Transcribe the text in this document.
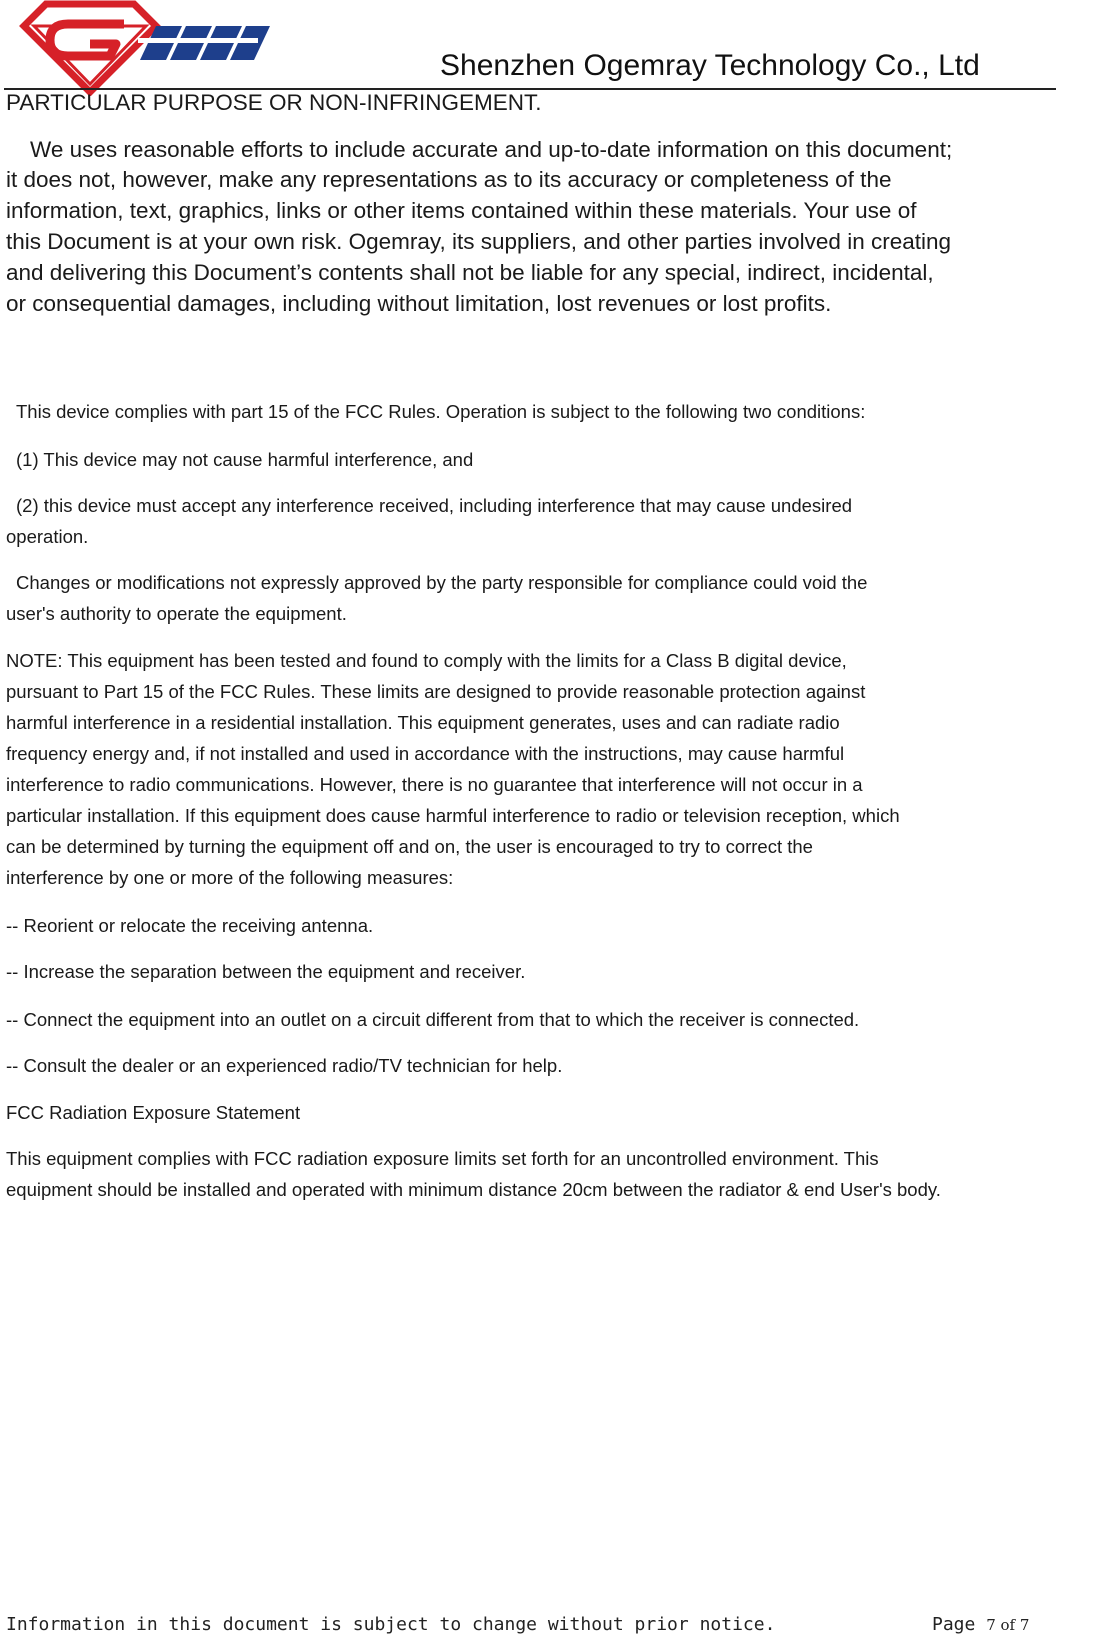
Shenzhen Ogemray Technology Co., Ltd
PARTICULAR PURPOSE OR NON-INFRINGEMENT.
We uses reasonable efforts to include accurate and up-to-date information on this document;
it does not, however, make any representations as to its accuracy or completeness of the
information, text, graphics, links or other items contained within these materials. Your use of
this Document is at your own risk. Ogemray, its suppliers, and other parties involved in creating
and delivering this Document’s contents shall not be liable for any special, indirect, incidental,
or consequential damages, including without limitation, lost revenues or lost profits.
This device complies with part 15 of the FCC Rules. Operation is subject to the following two conditions:
(1) This device may not cause harmful interference, and
(2) this device must accept any interference received, including interference that may cause undesired
operation.
Changes or modifications not expressly approved by the party responsible for compliance could void the
user's authority to operate the equipment.
NOTE: This equipment has been tested and found to comply with the limits for a Class B digital device,
pursuant to Part 15 of the FCC Rules. These limits are designed to provide reasonable protection against
harmful interference in a residential installation. This equipment generates, uses and can radiate radio
frequency energy and, if not installed and used in accordance with the instructions, may cause harmful
interference to radio communications. However, there is no guarantee that interference will not occur in a
particular installation. If this equipment does cause harmful interference to radio or television reception, which
can be determined by turning the equipment off and on, the user is encouraged to try to correct the
interference by one or more of the following measures:
-- Reorient or relocate the receiving antenna.
-- Increase the separation between the equipment and receiver.
-- Connect the equipment into an outlet on a circuit different from that to which the receiver is connected.
-- Consult the dealer or an experienced radio/TV technician for help.
FCC Radiation Exposure Statement
This equipment complies with FCC radiation exposure limits set forth for an uncontrolled environment. This
equipment should be installed and operated with minimum distance 20cm between the radiator & end User's body.
Information in this document is subject to change without prior notice.	Page 7 of 7
